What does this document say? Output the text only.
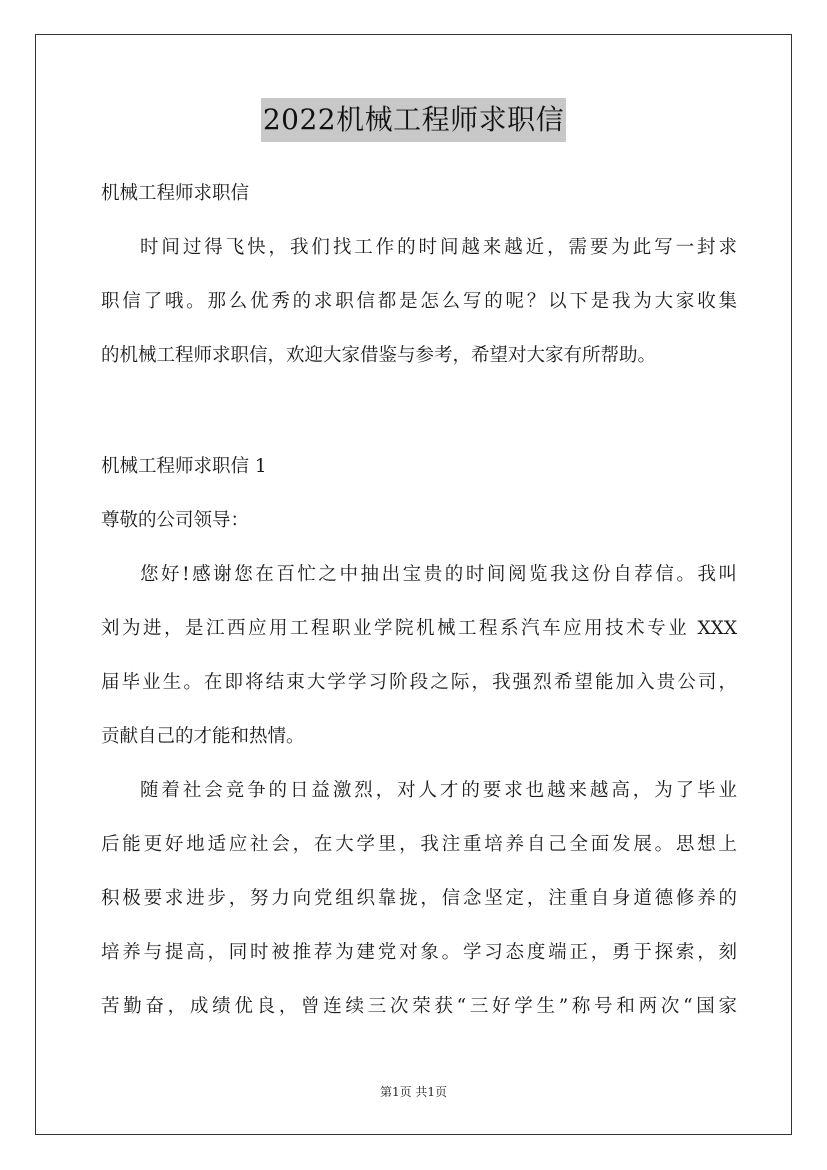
2022机械工程师求职信
机械工程师求职信
时间过得飞快，我们找工作的时间越来越近，需要为此写一封求
职信了哦。那么优秀的求职信都是怎么写的呢？以下是我为大家收集
的机械工程师求职信，欢迎大家借鉴与参考，希望对大家有所帮助。
机械工程师求职信 1
尊敬的公司领导：
您好!感谢您在百忙之中抽出宝贵的时间阅览我这份自荐信。我叫
刘为进，是江西应用工程职业学院机械工程系汽车应用技术专业 XXX
届毕业生。在即将结束大学学习阶段之际，我强烈希望能加入贵公司，
贡献自己的才能和热情。
随着社会竞争的日益激烈，对人才的要求也越来越高，为了毕业
后能更好地适应社会，在大学里，我注重培养自己全面发展。思想上
积极要求进步，努力向党组织靠拢，信念坚定，注重自身道德修养的
培养与提高，同时被推荐为建党对象。学习态度端正，勇于探索，刻
苦勤奋，成绩优良，曾连续三次荣获“三好学生”称号和两次“国家
第1页 共1页
